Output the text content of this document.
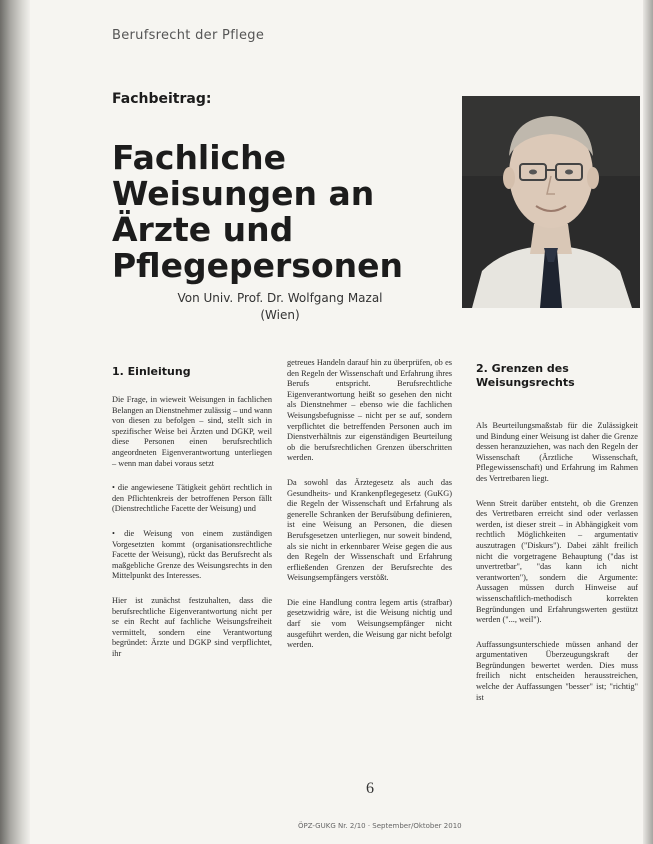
Berufsrecht der Pflege
Fachbeitrag:
Fachliche Weisungen an Ärzte und Pflegepersonen
Von Univ. Prof. Dr. Wolfgang Mazal
(Wien)
1. Einleitung

Die Frage, in wieweit Weisungen in fachlichen Belangen an Dienstnehmer zulässig – und wann von diesen zu befolgen – sind, stellt sich in spezifischer Weise bei Ärzten und DGKP, weil diese Personen einen berufsrechtlich angeordneten Eigenverantwortung unterliegen – wenn man dabei voraus setzt

• die angewiesene Tätigkeit gehört rechtlich in den Pflichtenkreis der betroffenen Person fällt (Dienstrechtliche Facette der Weisung) und

• die Weisung von einem zuständigen Vorgesetzten kommt (organisationsrechtliche Facette der Weisung), rückt das Berufsrecht als maßgebliche Grenze des Weisungsrechts in den Mittelpunkt des Interesses.

Hier ist zunächst festzuhalten, dass die berufsrechtliche Eigenverantwortung nicht per se ein Recht auf fachliche Weisungsfreiheit vermittelt, sondern eine Verantwortung begründet: Ärzte und DGKP sind verpflichtet, ihr

getreues Handeln darauf hin zu überprüfen, ob es den Regeln der Wissenschaft und Erfahrung ihres Berufs entspricht. Berufsrechtliche Eigenverantwortung heißt so gesehen den nicht als Dienstnehmer – ebenso wie die fachlichen Weisungsbefugnisse – nicht per se auf, sondern verpflichtet die betreffenden Personen auch im Dienstverhältnis zur eigenständigen Beurteilung ob die berufsrechtlichen Grenzen überschritten werden.

Da sowohl das Ärztegesetz als auch das Gesundheits- und Krankenpflegegesetz (GuKG) die Regeln der Wissenschaft und Erfahrung als generelle Schranken der Berufsübung definieren, ist eine Weisung an Personen, die diesen Berufsgesetzen unterliegen, nur soweit bindend, als sie nicht in erkennbarer Weise gegen die aus den Regeln der Wissenschaft und Erfahrung erfließenden Grenzen der Berufsrechte des Weisungsempfängers verstößt.

Die eine Handlung contra legem artis (strafbar) gesetzwidrig wäre, ist die Weisung nichtig und darf sie vom Weisungsempfänger nicht ausgeführt werden, die Weisung gar nicht befolgt werden.

2. Grenzen des Weisungsrechts

Als Beurteilungsmaßstab für die Zulässigkeit und Bindung einer Weisung ist daher die Grenze dessen heranzuziehen, was nach den Regeln der Wissenschaft (Ärztliche Wissenschaft, Pflegewissenschaft) und Erfahrung im Rahmen des Vertretbaren liegt.

Wenn Streit darüber entsteht, ob die Grenzen des Vertretbaren erreicht sind oder verlassen werden, ist dieser streit – in Abhängigkeit vom rechtlich Möglichkeiten – argumentativ auszutragen ("Diskurs"). Dabei zählt freilich nicht die vorgetragene Behauptung ("das ist unvertretbar", "das kann ich nicht verantworten"), sondern die Argumente: Aussagen müssen durch Hinweise auf wissenschaftlich-methodisch korrekten Begründungen und Erfahrungswerten gestützt werden ("..., weil").

Auffassungsunterschiede müssen anhand der argumentativen Überzeugungskraft der Begründungen bewertet werden. Dies muss freilich nicht entscheiden herausstreichen, welche der Auffassungen "besser" ist; "richtig" ist

6
ÖPZ-GUKG Nr. 2/10 · September/Oktober 2010
